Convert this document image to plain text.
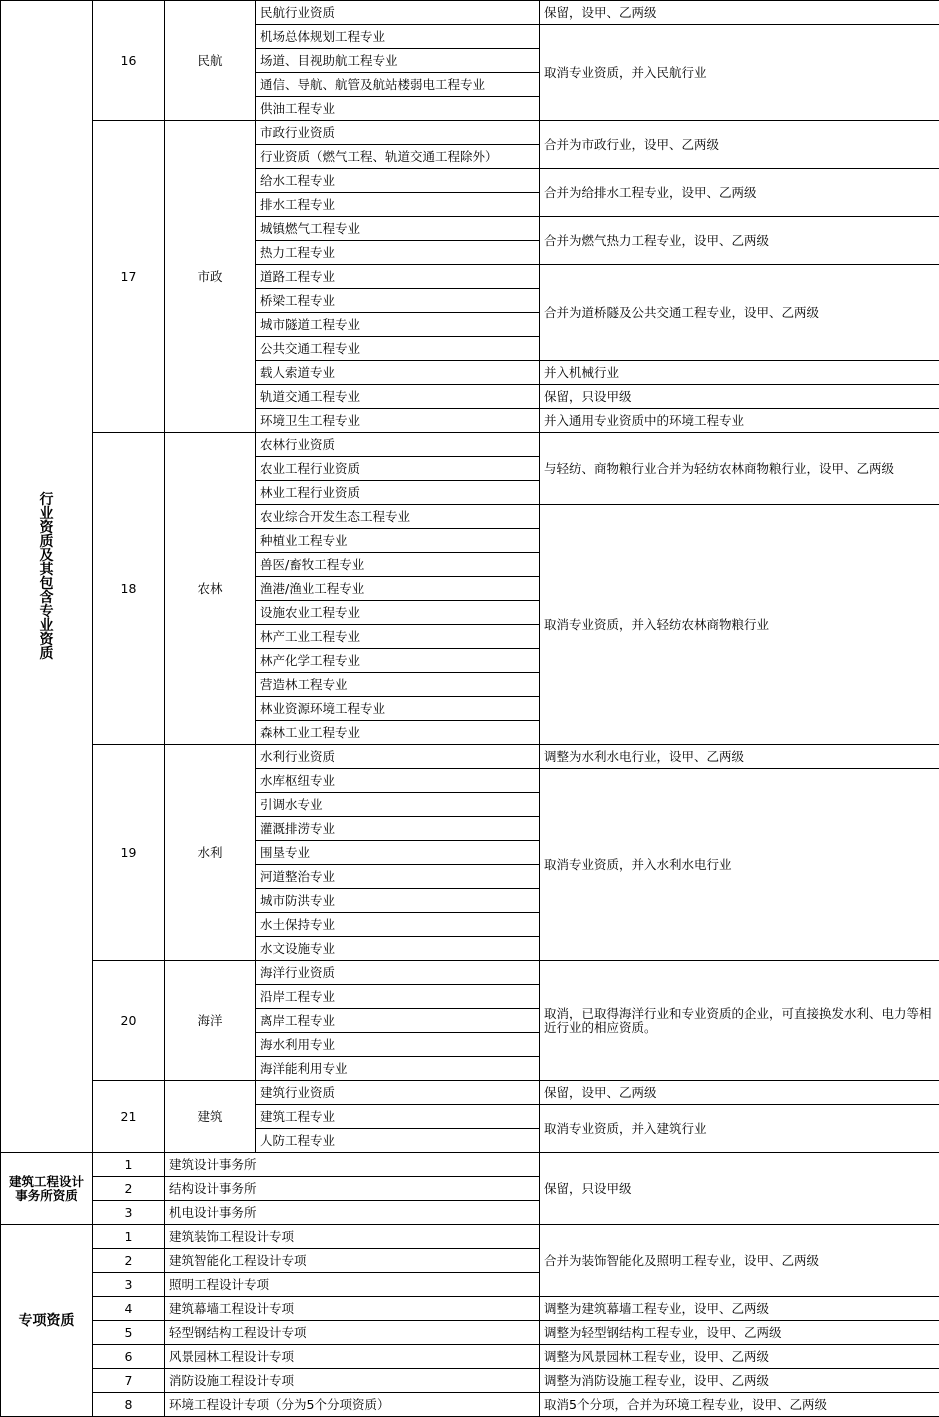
行业资质及其包含专业资质	16	民航	民航行业资质	保留，设甲、乙两级
			机场总体规划工程专业	取消专业资质，并入民航行业
			场道、目视助航工程专业	
			通信、导航、航管及航站楼弱电工程专业	
			供油工程专业	
	17	市政	市政行业资质	合并为市政行业，设甲、乙两级
			行业资质（燃气工程、轨道交通工程除外）	
			给水工程专业	合并为给排水工程专业，设甲、乙两级
			排水工程专业	
			城镇燃气工程专业	合并为燃气热力工程专业，设甲、乙两级
			热力工程专业	
			道路工程专业	合并为道桥隧及公共交通工程专业，设甲、乙两级
			桥梁工程专业	
			城市隧道工程专业	
			公共交通工程专业	
			载人索道专业	并入机械行业
			轨道交通工程专业	保留，只设甲级
			环境卫生工程专业	并入通用专业资质中的环境工程专业
	18	农林	农林行业资质	与轻纺、商物粮行业合并为轻纺农林商物粮行业，设甲、乙两级
			农业工程行业资质	
			林业工程行业资质	
			农业综合开发生态工程专业	取消专业资质，并入轻纺农林商物粮行业
			种植业工程专业	
			兽医/畜牧工程专业	
			渔港/渔业工程专业	
			设施农业工程专业	
			林产工业工程专业	
			林产化学工程专业	
			营造林工程专业	
			林业资源环境工程专业	
			森林工业工程专业	
	19	水利	水利行业资质	调整为水利水电行业，设甲、乙两级
			水库枢纽专业	取消专业资质，并入水利水电行业
			引调水专业	
			灌溉排涝专业	
			围垦专业	
			河道整治专业	
			城市防洪专业	
			水土保持专业	
			水文设施专业	
	20	海洋	海洋行业资质	取消，已取得海洋行业和专业资质的企业，可直接换发水利、电力等相近行业的相应资质。
			沿岸工程专业	
			离岸工程专业	
			海水利用专业	
			海洋能利用专业	
	21	建筑	建筑行业资质	保留，设甲、乙两级
			建筑工程专业	取消专业资质，并入建筑行业
			人防工程专业	
建筑工程设计 事务所资质	1	建筑设计事务所		保留，只设甲级
	2	结构设计事务所		
	3	机电设计事务所		
专项资质	1	建筑装饰工程设计专项		合并为装饰智能化及照明工程专业，设甲、乙两级
	2	建筑智能化工程设计专项		
	3	照明工程设计专项		
	4	建筑幕墙工程设计专项		调整为建筑幕墙工程专业，设甲、乙两级
	5	轻型钢结构工程设计专项		调整为轻型钢结构工程专业，设甲、乙两级
	6	风景园林工程设计专项		调整为风景园林工程专业，设甲、乙两级
	7	消防设施工程设计专项		调整为消防设施工程专业，设甲、乙两级
	8	环境工程设计专项（分为5个分项资质）		取消5个分项，合并为环境工程专业，设甲、乙两级
